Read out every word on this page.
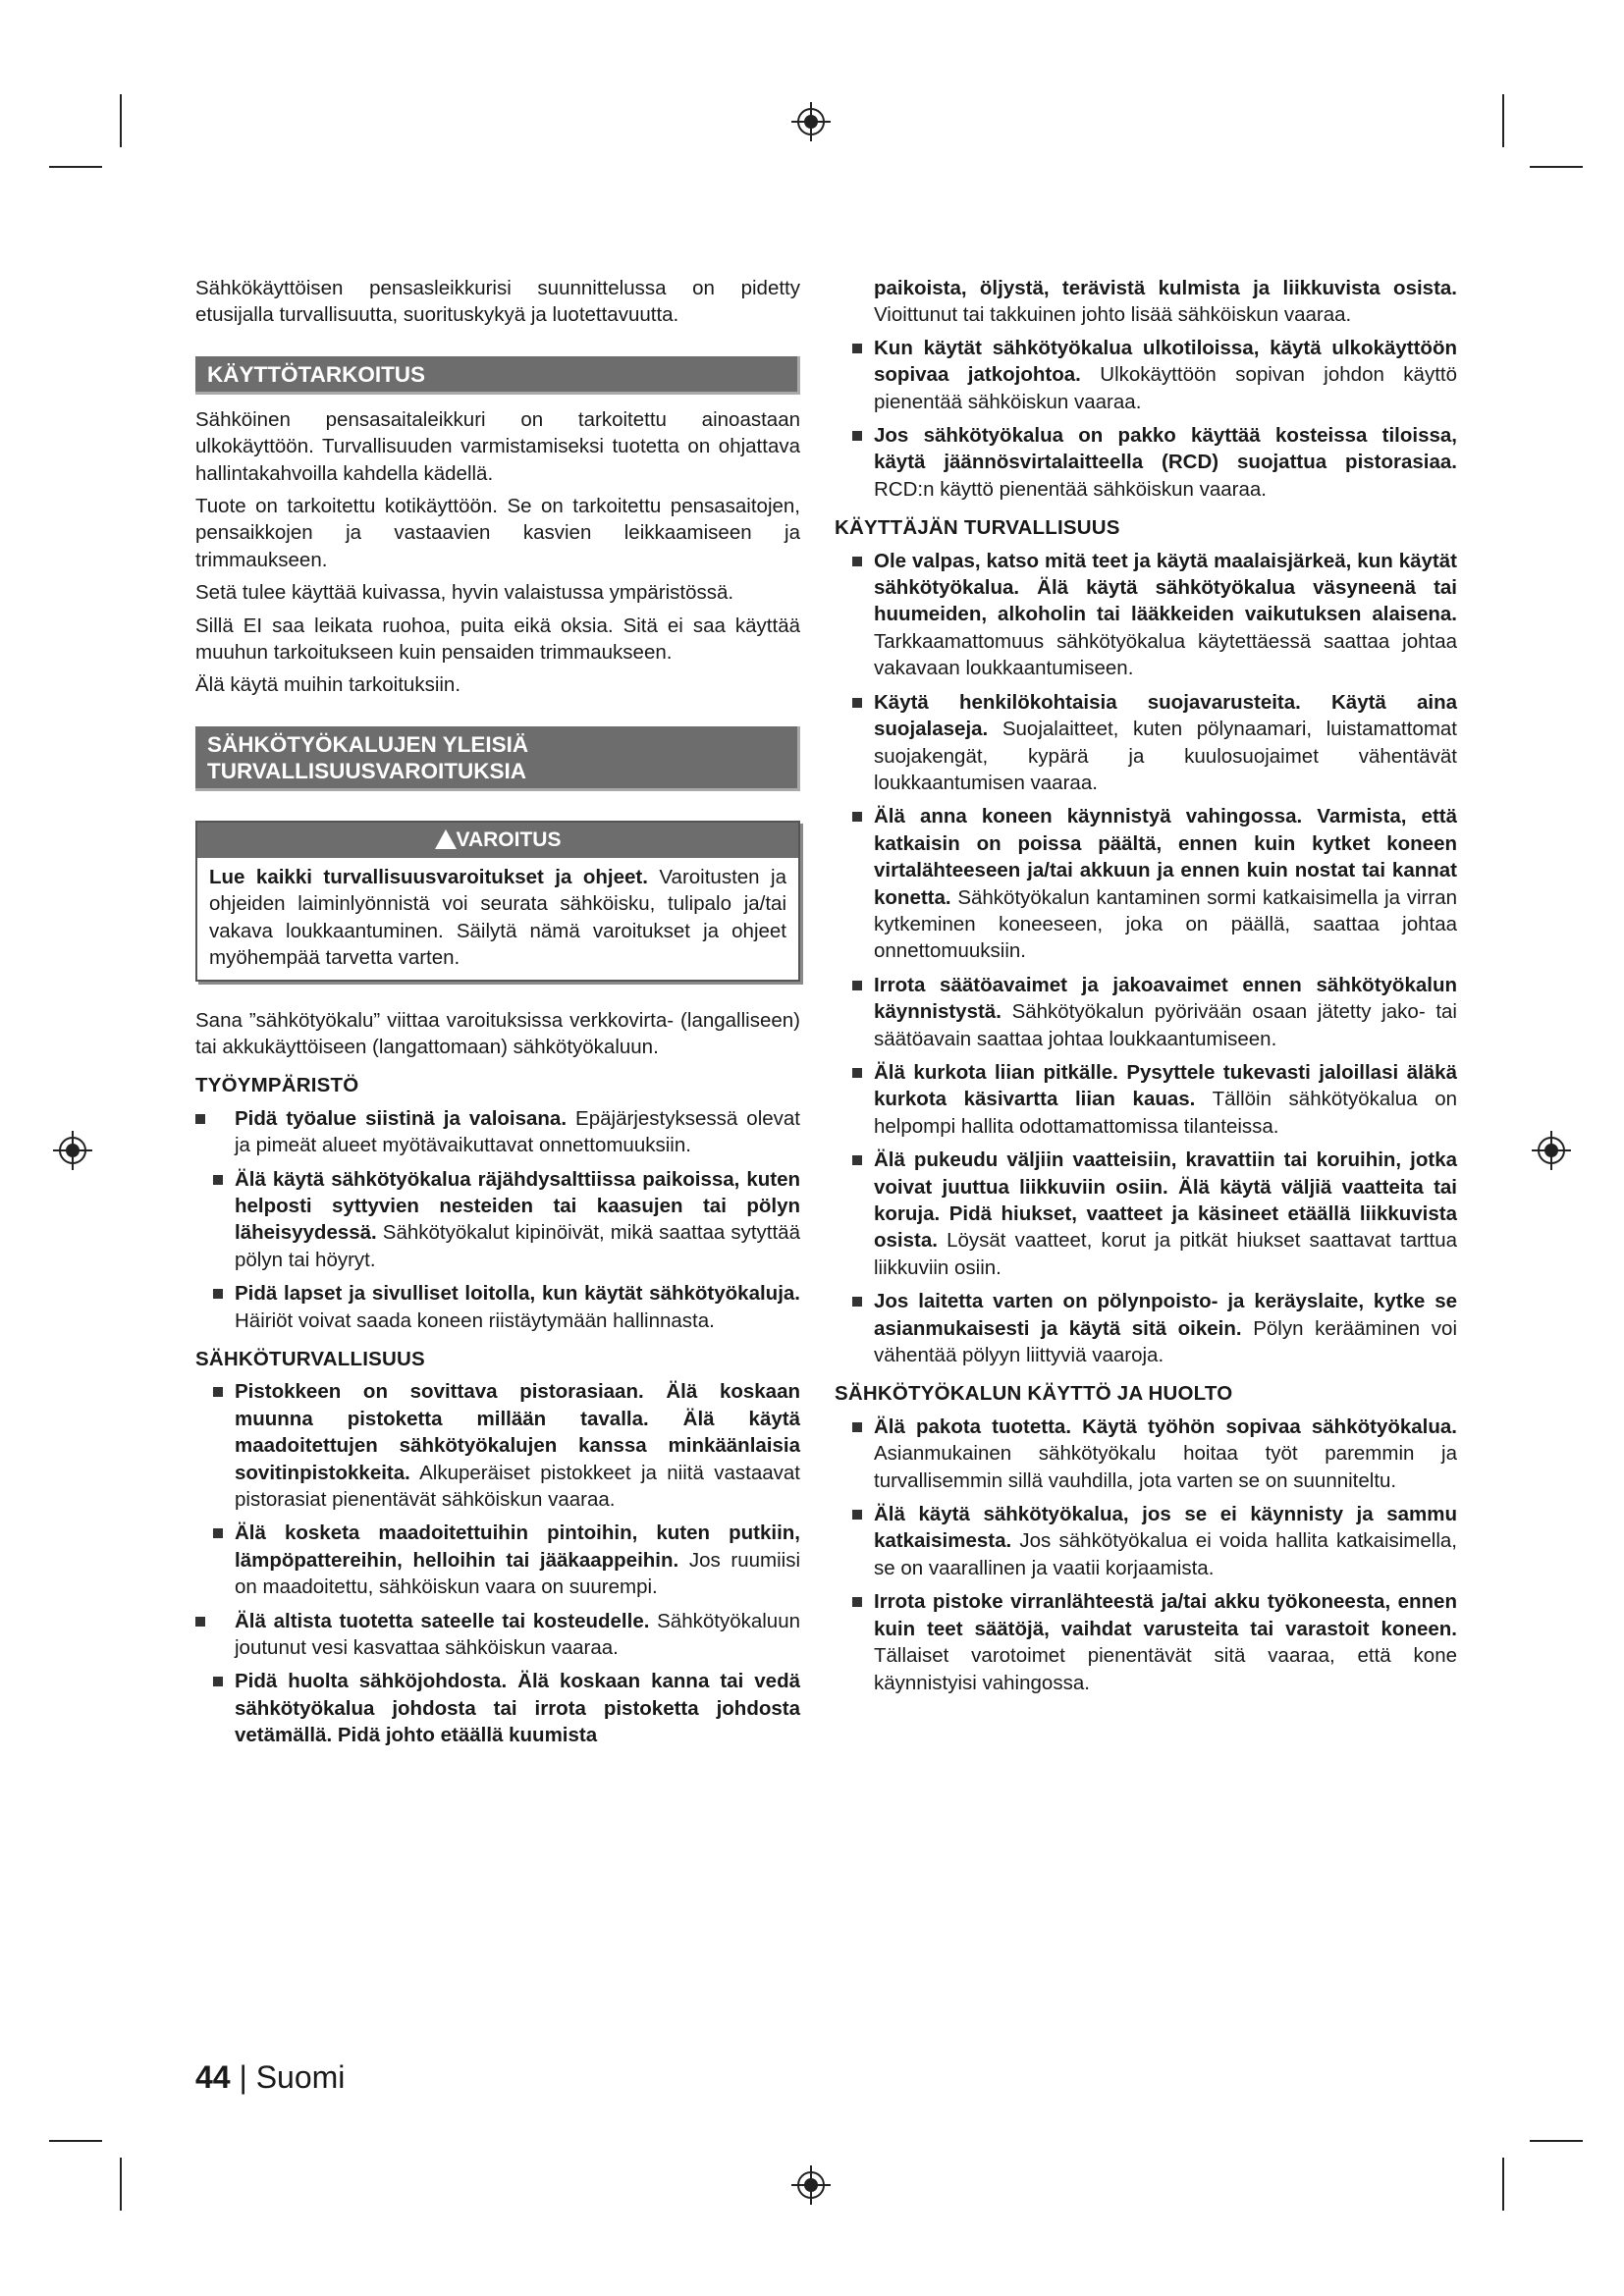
Sähkökäyttöisen pensasleikkurisi suunnittelussa on pidetty etusijalla turvallisuutta, suorituskykyä ja luotettavuutta.

KÄYTTÖTARKOITUS

Sähköinen pensasaitaleikkuri on tarkoitettu ainoastaan ulkokäyttöön. Turvallisuuden varmistamiseksi tuotetta on ohjattava hallintakahvoilla kahdella kädellä.

Tuote on tarkoitettu kotikäyttöön. Se on tarkoitettu pensasaitojen, pensaikkojen ja vastaavien kasvien leikkaamiseen ja trimmaukseen.

Setä tulee käyttää kuivassa, hyvin valaistussa ympäristössä.

Sillä EI saa leikata ruohoa, puita eikä oksia. Sitä ei saa käyttää muuhun tarkoitukseen kuin pensaiden trimmaukseen.

Älä käytä muihin tarkoituksiin.

SÄHKÖTYÖKALUJEN YLEISIÄ TURVALLISUUSVAROITUKSIA
VAROITUS

Lue kaikki turvallisuusvaroitukset ja ohjeet. Varoitusten ja ohjeiden laiminlyönnistä voi seurata sähköisku, tulipalo ja/tai vakava loukkaantuminen. Säilytä nämä varoitukset ja ohjeet myöhempää tarvetta varten.

Sana ”sähkötyökalu” viittaa varoituksissa verkkovirta- (langalliseen) tai akkukäyttöiseen (langattomaan) sähkötyökaluun.

TYÖYMPÄRISTÖ
Pidä työalue siistinä ja valoisana. Epäjärjestyksessä olevat ja pimeät alueet myötävaikuttavat onnettomuuksiin.
Älä käytä sähkötyökalua räjähdysalttiissa paikoissa, kuten helposti syttyvien nesteiden tai kaasujen tai pölyn läheisyydessä. Sähkötyökalut kipinöivät, mikä saattaa sytyttää pölyn tai höyryt.
Pidä lapset ja sivulliset loitolla, kun käytät sähkötyökaluja. Häiriöt voivat saada koneen riistäytymään hallinnasta.
SÄHKÖTURVALLISUUS
Pistokkeen on sovittava pistorasiaan. Älä koskaan muunna pistoketta millään tavalla. Älä käytä maadoitettujen sähkötyökalujen kanssa minkäänlaisia sovitinpistokkeita. Alkuperäiset pistokkeet ja niitä vastaavat pistorasiat pienentävät sähköiskun vaaraa.
Älä kosketa maadoitettuihin pintoihin, kuten putkiin, lämpöpattereihin, helloihin tai jääkaappeihin. Jos ruumiisi on maadoitettu, sähköiskun vaara on suurempi.
Älä altista tuotetta sateelle tai kosteudelle. Sähkötyökaluun joutunut vesi kasvattaa sähköiskun vaaraa.
Pidä huolta sähköjohdosta. Älä koskaan kanna tai vedä sähkötyökalua johdosta tai irrota pistoketta johdosta vetämällä. Pidä johto etäällä kuumista

paikoista, öljystä, terävistä kulmista ja liikkuvista osista. Vioittunut tai takkuinen johto lisää sähköiskun vaaraa.

Kun käytät sähkötyökalua ulkotiloissa, käytä ulkokäyttöön sopivaa jatkojohtoa. Ulkokäyttöön sopivan johdon käyttö pienentää sähköiskun vaaraa.
Jos sähkötyökalua on pakko käyttää kosteissa tiloissa, käytä jäännösvirtalaitteella (RCD) suojattua pistorasiaa. RCD:n käyttö pienentää sähköiskun vaaraa.
KÄYTTÄJÄN TURVALLISUUS
Ole valpas, katso mitä teet ja käytä maalaisjärkeä, kun käytät sähkötyökalua. Älä käytä sähkötyökalua väsyneenä tai huumeiden, alkoholin tai lääkkeiden vaikutuksen alaisena. Tarkkaamattomuus sähkötyökalua käytettäessä saattaa johtaa vakavaan loukkaantumiseen.
Käytä henkilökohtaisia suojavarusteita. Käytä aina suojalaseja. Suojalaitteet, kuten pölynaamari, luistamattomat suojakengät, kypärä ja kuulosuojaimet vähentävät loukkaantumisen vaaraa.
Älä anna koneen käynnistyä vahingossa. Varmista, että katkaisin on poissa päältä, ennen kuin kytket koneen virtalähteeseen ja/tai akkuun ja ennen kuin nostat tai kannat konetta. Sähkötyökalun kantaminen sormi katkaisimella ja virran kytkeminen koneeseen, joka on päällä, saattaa johtaa onnettomuuksiin.
Irrota säätöavaimet ja jakoavaimet ennen sähkötyökalun käynnistystä. Sähkötyökalun pyörivään osaan jätetty jako- tai säätöavain saattaa johtaa loukkaantumiseen.
Älä kurkota liian pitkälle. Pysyttele tukevasti jaloillasi äläkä kurkota käsivartta liian kauas. Tällöin sähkötyökalua on helpompi hallita odottamattomissa tilanteissa.
Älä pukeudu väljiin vaatteisiin, kravattiin tai koruihin, jotka voivat juuttua liikkuviin osiin. Älä käytä väljiä vaatteita tai koruja. Pidä hiukset, vaatteet ja käsineet etäällä liikkuvista osista. Löysät vaatteet, korut ja pitkät hiukset saattavat tarttua liikkuviin osiin.
Jos laitetta varten on pölynpoisto- ja keräyslaite, kytke se asianmukaisesti ja käytä sitä oikein. Pölyn kerääminen voi vähentää pölyyn liittyviä vaaroja.
SÄHKÖTYÖKALUN KÄYTTÖ JA HUOLTO
Älä pakota tuotetta. Käytä työhön sopivaa sähkötyökalua. Asianmukainen sähkötyökalu hoitaa työt paremmin ja turvallisemmin sillä vauhdilla, jota varten se on suunniteltu.
Älä käytä sähkötyökalua, jos se ei käynnisty ja sammu katkaisimesta. Jos sähkötyökalua ei voida hallita katkaisimella, se on vaarallinen ja vaatii korjaamista.
Irrota pistoke virranlähteestä ja/tai akku työkoneesta, ennen kuin teet säätöjä, vaihdat varusteita tai varastoit koneen. Tällaiset varotoimet pienentävät sitä vaaraa, että kone käynnistyisi vahingossa.
44 | Suomi
